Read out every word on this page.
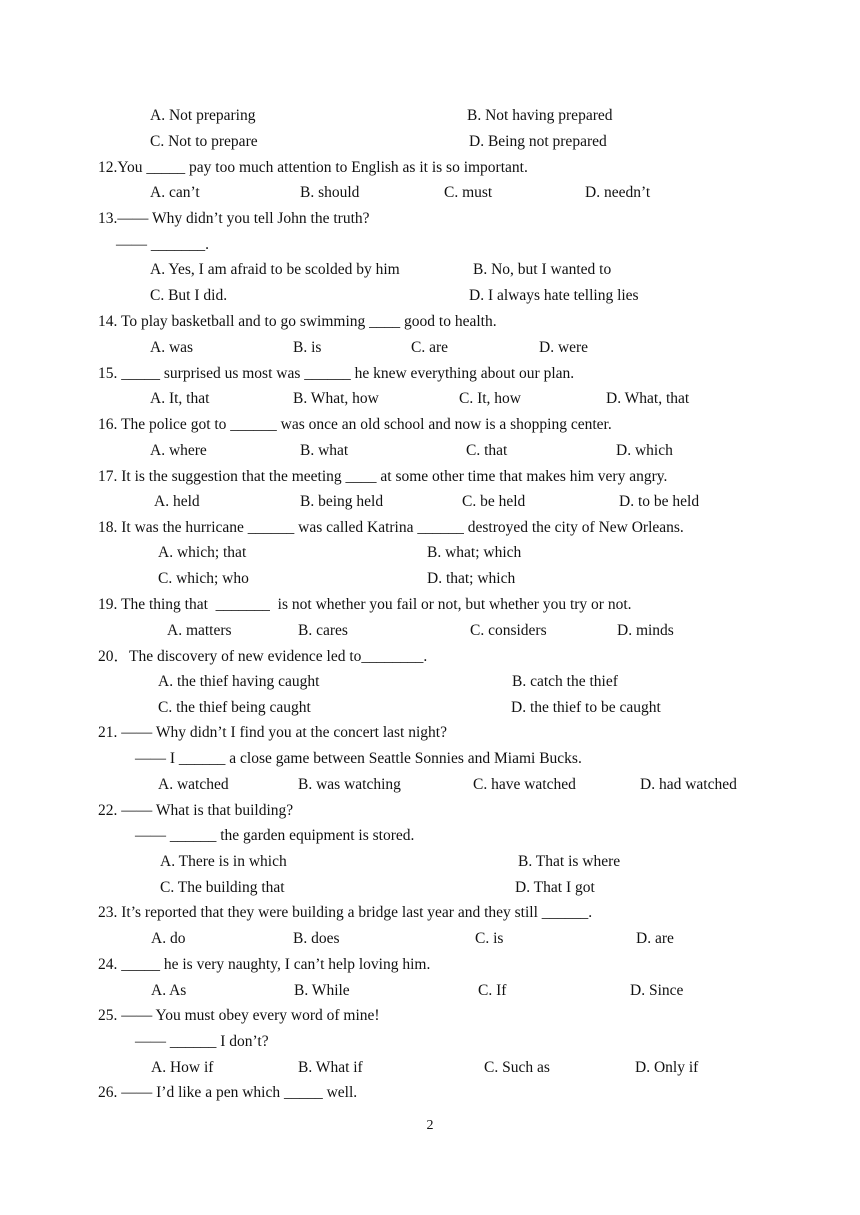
A. Not preparing	B. Not having prepared
C. Not to prepare	D. Being not prepared
12.You _____ pay too much attention to English as it is so important.
A. can’t	B. should	C. must	D. needn’t
13.—— Why didn’t you tell John the truth?
—— _______.
A. Yes, I am afraid to be scolded by him	B. No, but I wanted to
C. But I did.	D. I always hate telling lies
14. To play basketball and to go swimming ____ good to health.
A. was	B. is	C. are	D. were
15. _____ surprised us most was ______ he knew everything about our plan.
A. It, that	B. What, how	C. It, how	D. What, that
16. The police got to ______ was once an old school and now is a shopping center.
A. where	B. what	C. that	D. which
17. It is the suggestion that the meeting ____ at some other time that makes him very angry.
A. held	B. being held	C. be held	D. to be held
18. It was the hurricane ______ was called Katrina ______ destroyed the city of New Orleans.
A. which; that	B. what; which
C. which; who	D. that; which
19. The thing that  _______  is not whether you fail or not, but whether you try or not.
A. matters	B. cares	C. considers	D. minds
20．The discovery of new evidence led to________.
A. the thief having caught	B. catch the thief
C. the thief being caught	D. the thief to be caught
21. —— Why didn’t I find you at the concert last night?
—— I ______ a close game between Seattle Sonnies and Miami Bucks.
A. watched	B. was watching	C. have watched	D. had watched
22. —— What is that building?
—— ______ the garden equipment is stored.
A. There is in which	B. That is where
C. The building that	D. That I got
23. It’s reported that they were building a bridge last year and they still ______.
A. do	B. does	C. is	D. are
24. _____ he is very naughty, I can’t help loving him.
A. As	B. While	C. If	D. Since
25. —— You must obey every word of mine!
—— ______ I don’t?
A. How if	B. What if	C. Such as	D. Only if
26. —— I’d like a pen which _____ well.
2
